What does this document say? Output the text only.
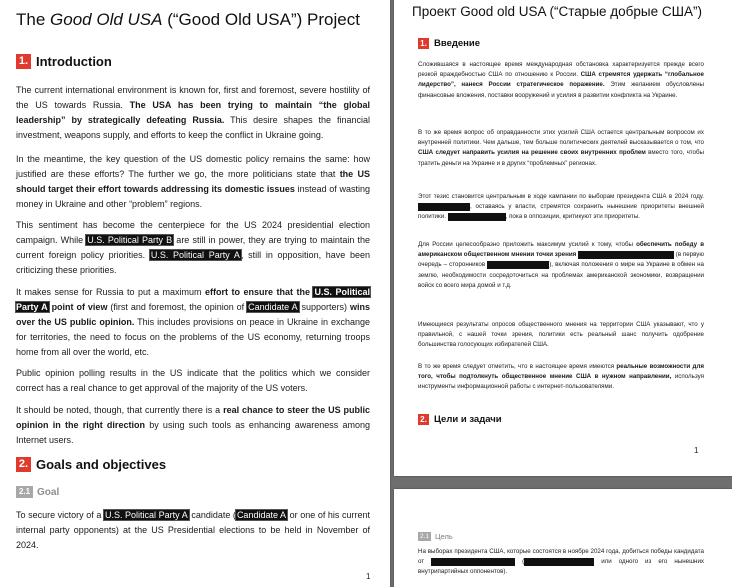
The Good Old USA (“Good Old USA”) Project
1. Introduction
The current international environment is known for, first and foremost, severe hostility of the US towards Russia. The USA has been trying to maintain “the global leadership” by strategically defeating Russia. This desire shapes the financial investment, weapons supply, and efforts to keep the conflict in Ukraine going.
In the meantime, the key question of the US domestic policy remains the same: how justified are these efforts? The further we go, the more politicians state that the US should target their effort towards addressing its domestic issues instead of wasting money in Ukraine and other “problem” regions.
This sentiment has become the centerpiece for the US 2024 presidential election campaign. While U.S. Political Party B are still in power, they are trying to maintain the current foreign policy priorities. U.S. Political Party A, still in opposition, have been criticizing these priorities.
It makes sense for Russia to put a maximum effort to ensure that the U.S. Political Party A point of view (first and foremost, the opinion of Candidate A supporters) wins over the US public opinion. This includes provisions on peace in Ukraine in exchange for territories, the need to focus on the problems of the US economy, returning troops home from all over the world, etc.
Public opinion polling results in the US indicate that the politics which we consider correct has a real chance to get approval of the majority of the US voters.
It should be noted, though, that currently there is a real chance to steer the US public opinion in the right direction by using such tools as enhancing awareness among Internet users.
2. Goals and objectives
2.1 Goal
To secure victory of a U.S. Political Party A candidate (Candidate A or one of his current internal party opponents) at the US Presidential elections to be held in November of 2024.
1
Проект Good old USA (“Старые добрые США”)
1. Введение
Сложившаяся в настоящее время международная обстановка характеризуется прежде всего резкой враждебностью США по отношению к России. США стремятся удержать “глобальное лидерство”, нанеся России стратегическое поражение. Этим желанием обусловлены финансовые вложения, поставки вооружений и усилия в развитии конфликта на Украине.
В то же время вопрос об оправданности этих усилий США остается центральным вопросом их внутренней политики. Чем дальше, тем больше политических деятелей высказывается о том, что США следует направить усилия на решение своих внутренних проблем вместо того, чтобы тратить деньги на Украине и в других “проблемных” регионах.
Этот тезис становится центральным в ходе кампании по выборам президента США в 2024 году. , оставаясь у власти, стремятся сохранить нынешние приоритеты внешней политики.	, пока в оппозиции, критикуют эти приоритеты.
Для России целесообразно приложить максимум усилий к тому, чтобы обеспечить победу в американском общественном мнении точки зрения	(в первую очередь – сторонников	), включая положения о мире на Украине в обмен на землю, необходимости сосредоточиться на проблемах американской экономики, возвращении войск со всего мира домой и т.д.
Имеющиеся результаты опросов общественного мнения на территории США указывают, что у правильной, с нашей точки зрения, политики есть реальный шанс получить одобрение большинства голосующих избирателей США.
В то же время следует отметить, что в настоящее время имеются реальные возможности для того, чтобы подтолкнуть общественное мнение США в нужном направлении, используя инструменты информационной работы с интернет-пользователями.
2. Цели и задачи
1
2.1 Цель
На выборах президента США, которые состоятся в ноябре 2024 года, добиться победы кандидата от	(	или одного из его нынешних внутрипартийных оппонентов).
